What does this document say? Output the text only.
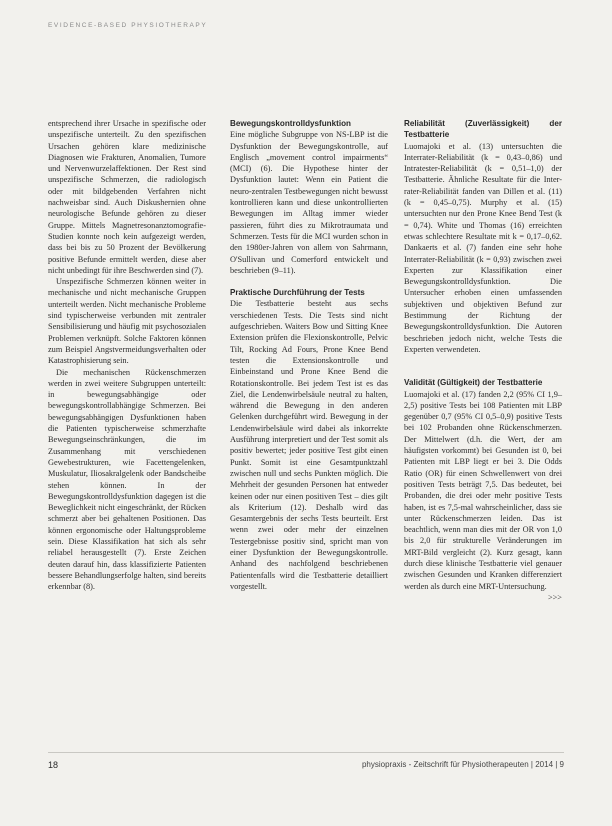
EVIDENCE-BASED PHYSIOTHERAPY

entsprechend ihrer Ursache in spezifische oder unspezifische unterteilt. Zu den spezifischen Ursachen gehören klare medizinische Diagnosen wie Frakturen, Anomalien, Tumore und Nervenwurzelaffektionen. Der Rest sind unspezifische Schmerzen, die radiologisch oder mit bildgebenden Verfahren nicht nachweisbar sind. Auch Diskushernien ohne neurologische Befunde gehören zu dieser Gruppe. Mittels Magnetresonanztomografie-Studien konnte noch kein aufgezeigt werden, dass bei bis zu 50 Prozent der Bevölkerung positive Befunde ermittelt werden, diese aber nicht unbedingt für ihre Beschwerden sind (7).

Unspezifische Schmerzen können weiter in mechanische und nicht mechanische Gruppen unterteilt werden. Nicht mechanische Probleme sind typischerweise verbunden mit zentraler Sensibilisierung und häufig mit psychosozialen Problemen verknüpft. Solche Faktoren können zum Beispiel Angstvermeidungsverhalten oder Katastrophisierung sein.

Die mechanischen Rückenschmerzen werden in zwei weitere Subgruppen unterteilt: in bewegungsabhängige oder bewegungskontrollabhängige Schmerzen. Bei bewegungsabhängigen Dysfunktionen haben die Patienten typischerweise schmerzhafte Bewegungseinschränkungen, die im Zusammenhang mit verschiedenen Gewebestrukturen, wie Facettengelenken, Muskulatur, Iliosakralgelenk oder Bandscheibe stehen können. In der Bewegungskontrolldysfunktion dagegen ist die Beweglichkeit nicht eingeschränkt, der Rücken schmerzt aber bei gehaltenen Positionen. Das können ergonomische oder Haltungsprobleme sein. Diese Klassifikation hat sich als sehr reliabel herausgestellt (7). Erste Zeichen deuten darauf hin, dass klassifizierte Patienten bessere Behandlungserfolge halten, sind bereits erkennbar (8).

Bewegungskontrolldysfunktion

Eine mögliche Subgruppe von NS-LBP ist die Dysfunktion der Bewegungskontrolle, auf Englisch „movement control impairments“ (MCI) (6). Die Hypothese hinter der Dysfunktion lautet: Wenn ein Patient die neuro-zentralen Testbewegungen nicht bewusst kontrollieren kann und diese unkontrollierten Bewegungen im Alltag immer wieder passieren, führt dies zu Mikrotraumata und Schmerzen. Tests für die MCI wurden schon in den 1980er-Jahren von allem von Sahrmann, O'Sullivan und Comerford entwickelt und beschrieben (9–11).

Praktische Durchführung der Tests

Die Testbatterie besteht aus sechs verschiedenen Tests. Die Tests sind nicht aufgeschrieben. Waiters Bow und Sitting Knee Extension prüfen die Flexionskontrolle, Pelvic Tilt, Rocking Ad Fours, Prone Knee Bend testen die Extensionskontrolle und Einbeinstand und Prone Knee Bend die Rotationskontrolle. Bei jedem Test ist es das Ziel, die Lendenwirbelsäule neutral zu halten, während die Bewegung in den anderen Gelenken durchgeführt wird. Bewegung in der Lendenwirbelsäule wird dabei als inkorrekte Ausführung interpretiert und der Test somit als positiv bewertet; jeder positive Test gibt einen Punkt. Somit ist eine Gesamtpunktzahl zwischen null und sechs Punkten möglich. Die Mehrheit der gesunden Personen hat entweder keinen oder nur einen positiven Test – dies gilt als Kriterium (12). Deshalb wird das Gesamtergebnis der sechs Tests beurteilt. Erst wenn zwei oder mehr der einzelnen Testergebnisse positiv sind, spricht man von einer Dysfunktion der Bewegungskontrolle. Anhand des nachfolgend beschriebenen Patientenfalls wird die Testbatterie detailliert vorgestellt.

Reliabilität (Zuverlässigkeit) der Testbatterie

Luomajoki et al. (13) untersuchten die Interrater-Reliabilität (k = 0,43–0,86) und Intratester-Reliabilität (k = 0,51–1,0) der Testbatterie. Ähnliche Resultate für die Inter-rater-Reliabilität fanden van Dillen et al. (11) (k = 0,45–0,75). Murphy et al. (15) untersuchten nur den Prone Knee Bend Test (k = 0,74). White und Thomas (16) erreichten etwas schlechtere Resultate mit k = 0,17–0,62. Dankaerts et al. (7) fanden eine sehr hohe Interrater-Reliabilität (k = 0,93) zwischen zwei Experten zur Klassifikation einer Bewegungskontrolldysfunktion. Die Untersucher erhoben einen umfassenden subjektiven und objektiven Befund zur Bestimmung der Richtung der Bewegungskontrolldysfunktion. Die Autoren beschrieben jedoch nicht, welche Tests die Experten verwendeten.

Validität (Gültigkeit) der Testbatterie

Luomajoki et al. (17) fanden 2,2 (95% CI 1,9–2,5) positive Tests bei 108 Patienten mit LBP gegenüber 0,7 (95% CI 0,5–0,9) positive Tests bei 102 Probanden ohne Rückenschmerzen. Der Mittelwert (d.h. die Wert, der am häufigsten vorkommt) bei Gesunden ist 0, bei Patienten mit LBP liegt er bei 3. Die Odds Ratio (OR) für einen Schwellenwert von drei positiven Tests beträgt 7,5. Das bedeutet, bei Probanden, die drei oder mehr positive Tests haben, ist es 7,5-mal wahrscheinlicher, dass sie unter Rückenschmerzen leiden. Das ist beachtlich, wenn man dies mit der OR von 1,0 bis 2,0 für strukturelle Veränderungen im MRT-Bild vergleicht (2). Kurz gesagt, kann durch diese klinische Testbatterie viel genauer zwischen Gesunden und Kranken differenziert werden als durch eine MRT-Untersuchung.

>>>

18	physiopraxis - Zeitschrift für Physiotherapeuten | 2014 | 9
